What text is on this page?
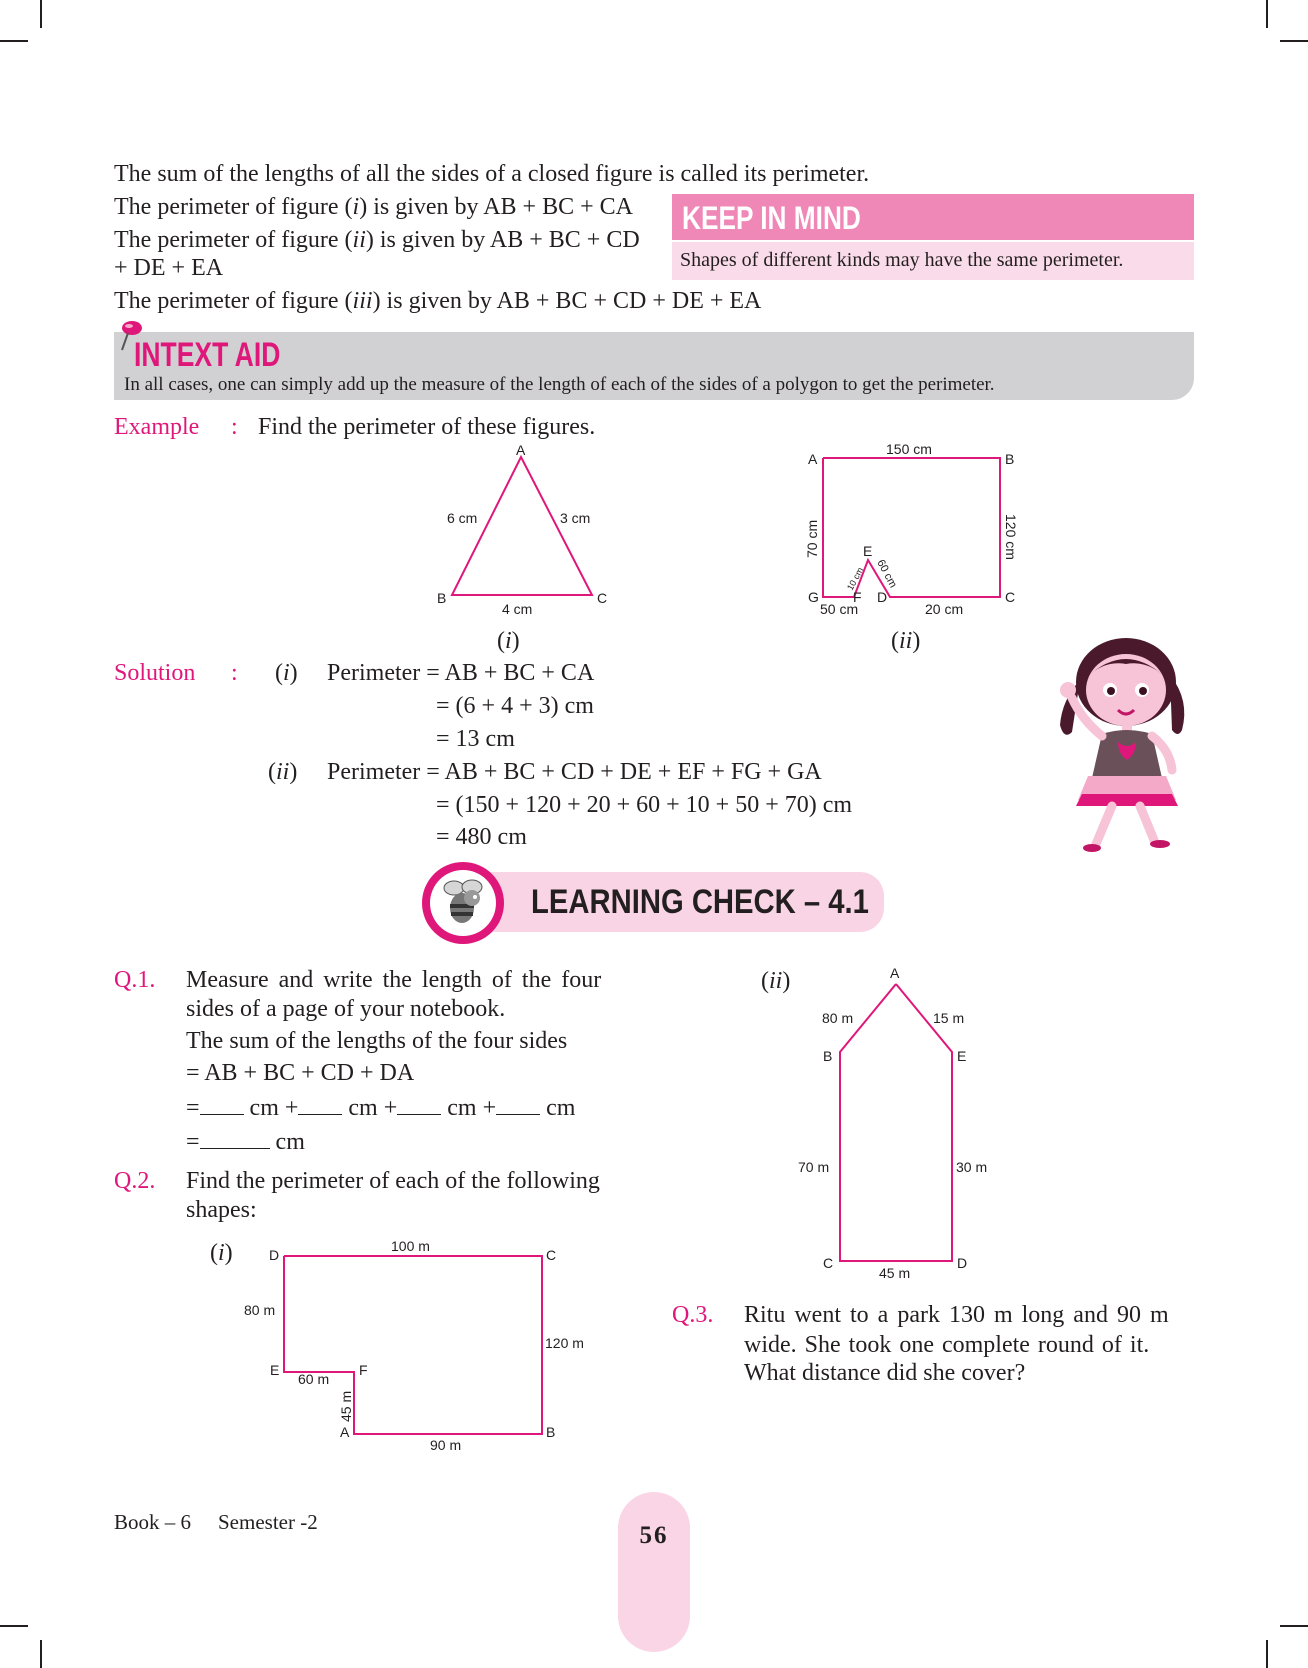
The sum of the lengths of all the sides of a closed figure is called its perimeter.
The perimeter of figure (i) is given by AB + BC + CA
The perimeter of figure (ii) is given by AB + BC + CD
+ DE + EA
The perimeter of figure (iii) is given by AB + BC + CD + DE + EA
KEEP IN MIND
Shapes of different kinds may have the same perimeter.
INTEXT AID
In all cases, one can simply add up the measure of the length of each of the sides of a polygon to get the perimeter.
Example : Find the perimeter of these figures.
A
B	C
6 cm	3 cm
4 cm
(i)
A	B
C
D
E
F
G
150 cm
70 cm	120 cm
50 cm	20 cm
10 cm 60 cm
(ii)
Solution : (i) Perimeter = AB + BC + CA
= (6 + 4 + 3) cm
= 13 cm
(ii) Perimeter = AB + BC + CD + DE + EF + FG + GA
= (150 + 120 + 20 + 60 + 10 + 50 + 70) cm
= 480 cm
LEARNING CHECK – 4.1
Q.1. Measure and write the length of the four
sides of a page of your notebook.
The sum of the lengths of the four sides
= AB + BC + CD + DA
= cm + cm + cm + cm
=	cm
Q.2. Find the perimeter of each of the following
shapes:
(i)	D	C
B
A
E	F
100 m
120 m
90 m
80 m
60 m
45 m
(ii)	A
B	E
C	D
80 m	15 m
70 m	30 m
45 m
Q.3. Ritu went to a park 130 m long and 90 m
wide. She took one complete round of it.
What distance did she cover?
Book – 6 Semester -2	56
